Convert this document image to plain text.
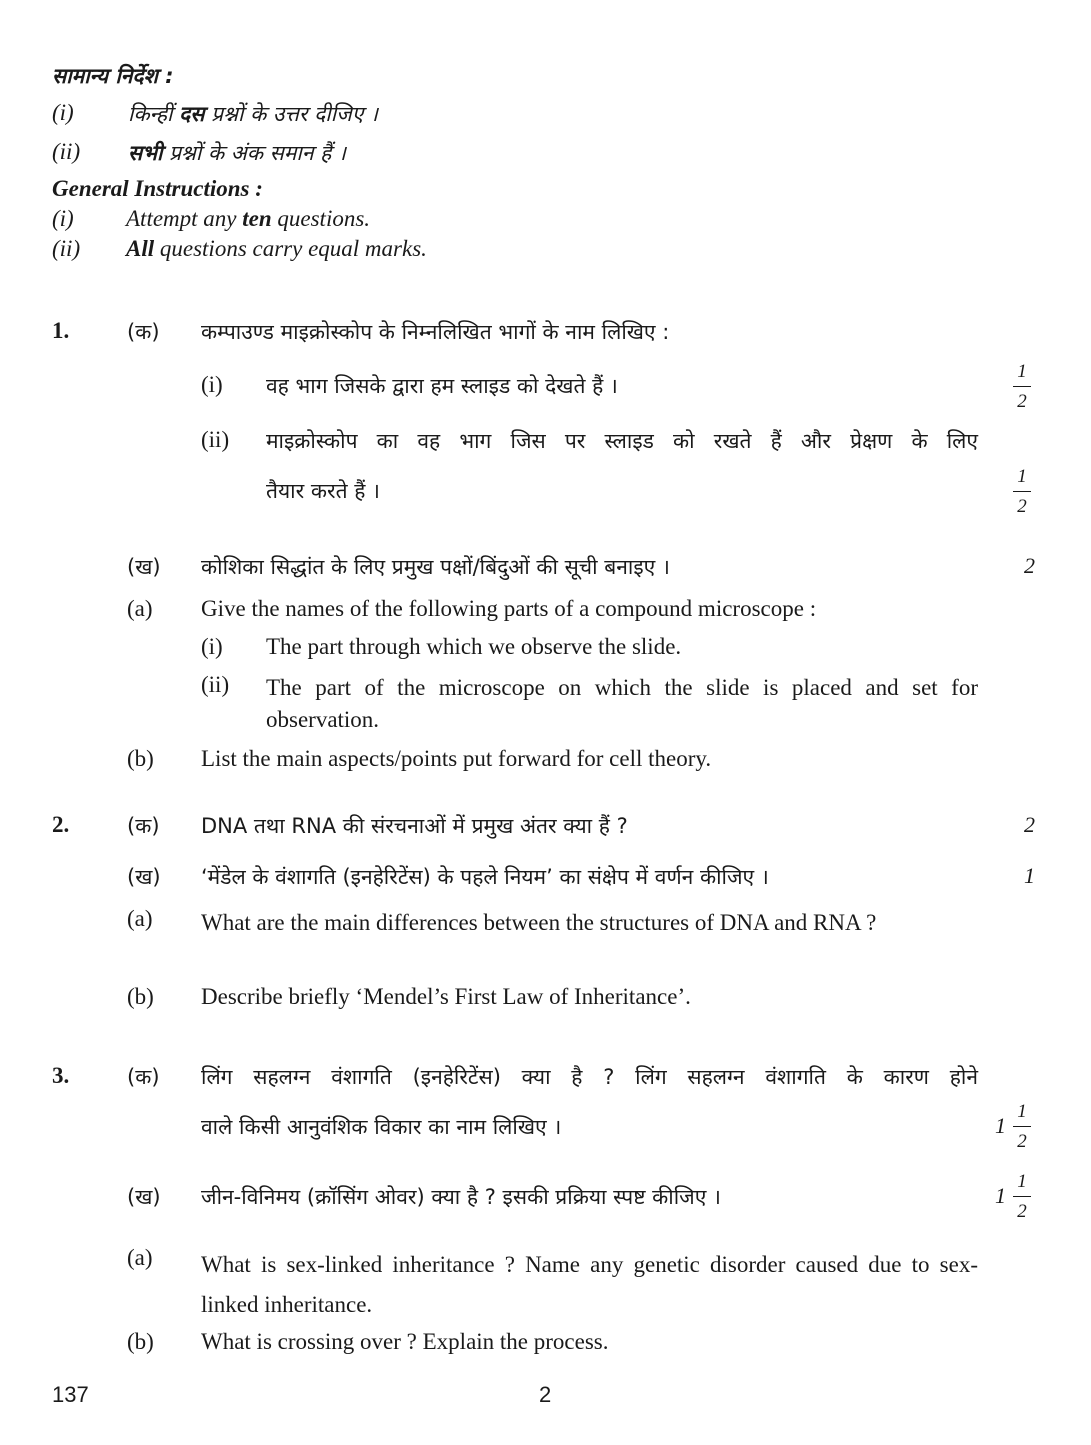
सामान्य निर्देश :
(i)	किन्हीं दस प्रश्नों के उत्तर दीजिए ।
(ii) सभी प्रश्नों के अंक समान हैं ।
General Instructions :
(i) Attempt any ten questions.
(ii) All questions carry equal marks.
1.	(क) कम्पाउण्ड माइक्रोस्कोप के निम्नलिखित भागों के नाम लिखिए :
(i) वह भाग जिसके द्वारा हम स्लाइड को देखते हैं ।
1
2
(ii) माइक्रोस्कोप का वह भाग जिस पर स्लाइड को रखते हैं और प्रेक्षण के लिए
तैयार करते हैं ।
1
2
(ख) कोशिका सिद्धांत के लिए प्रमुख पक्षों/बिंदुओं की सूची बनाइए ।	2
(a) Give the names of the following parts of a compound microscope :
(i) The part through which we observe the slide.
(ii) The part of the microscope on which the slide is placed and set for observation.
(b) List the main aspects/points put forward for cell theory.
2.	(क) DNA तथा RNA की संरचनाओं में प्रमुख अंतर क्या हैं ?	2
(ख) ‘मेंडेल के वंशागति (इनहेरिटेंस) के पहले नियम’ का संक्षेप में वर्णन कीजिए ।	1
(a) What are the main differences between the structures of DNA and RNA ?
(b) Describe briefly ‘Mendel’s First Law of Inheritance’.
3.	(क) लिंग सहलग्न वंशागति (इनहेरिटेंस) क्या है ? लिंग सहलग्न वंशागति के कारण होने
वाले किसी आनुवंशिक विकार का नाम लिखिए ।	1
1
2
(ख) जीन-विनिमय (क्रॉसिंग ओवर) क्या है ? इसकी प्रक्रिया स्पष्ट कीजिए ।	1
1
2
(a) What is sex-linked inheritance ? Name any genetic disorder caused due to sex-linked inheritance.
(b) What is crossing over ? Explain the process.
137	2
